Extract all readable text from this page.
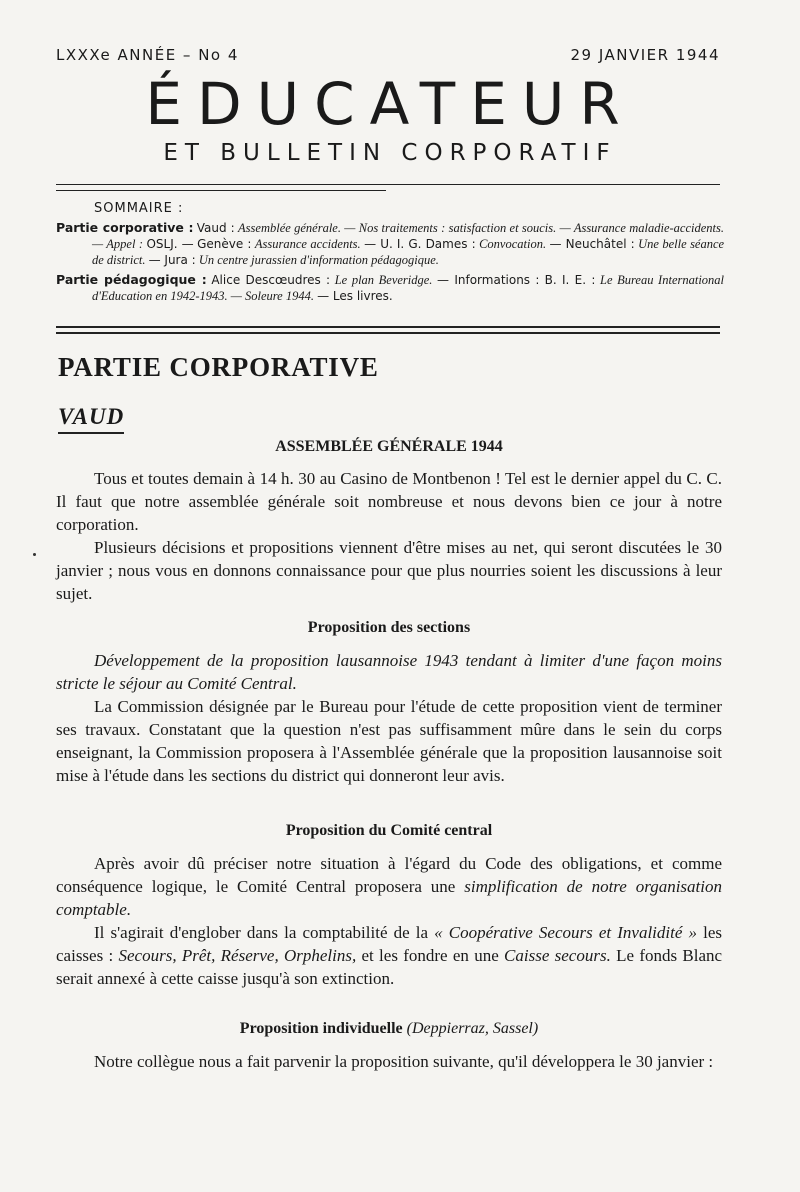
LXXXe ANNÉE – No 4	29 JANVIER 1944
ÉDUCATEUR
ET BULLETIN CORPORATIF
SOMMAIRE :

Partie corporative : Vaud : Assemblée générale. — Nos traitements : satisfaction et soucis. — Assurance maladie-accidents. — Appel : OSLJ. — Genève : Assurance accidents. — U. I. G. Dames : Convocation. — Neuchâtel : Une belle séance de district. — Jura : Un centre jurassien d'information pédagogique.

Partie pédagogique : Alice Descœudres : Le plan Beveridge. — Informations : B. I. E. : Le Bureau International d'Education en 1942-1943. — Soleure 1944. — Les livres.

PARTIE CORPORATIVE
VAUD
ASSEMBLÉE GÉNÉRALE 1944

Tous et toutes demain à 14 h. 30 au Casino de Montbenon ! Tel est le dernier appel du C. C. Il faut que notre assemblée générale soit nombreuse et nous devons bien ce jour à notre corporation.

Plusieurs décisions et propositions viennent d'être mises au net, qui seront discutées le 30 janvier ; nous vous en donnons connaissance pour que plus nourries soient les discussions à leur sujet.

Proposition des sections

Développement de la proposition lausannoise 1943 tendant à limiter d'une façon moins stricte le séjour au Comité Central.

La Commission désignée par le Bureau pour l'étude de cette proposition vient de terminer ses travaux. Constatant que la question n'est pas suffisamment mûre dans le sein du corps enseignant, la Commission proposera à l'Assemblée générale que la proposition lausannoise soit mise à l'étude dans les sections du district qui donneront leur avis.

Proposition du Comité central

Après avoir dû préciser notre situation à l'égard du Code des obligations, et comme conséquence logique, le Comité Central proposera une simplification de notre organisation comptable.

Il s'agirait d'englober dans la comptabilité de la « Coopérative Secours et Invalidité » les caisses : Secours, Prêt, Réserve, Orphelins, et les fondre en une Caisse secours. Le fonds Blanc serait annexé à cette caisse jusqu'à son extinction.

Proposition individuelle (Deppierraz, Sassel)

Notre collègue nous a fait parvenir la proposition suivante, qu'il développera le 30 janvier :
